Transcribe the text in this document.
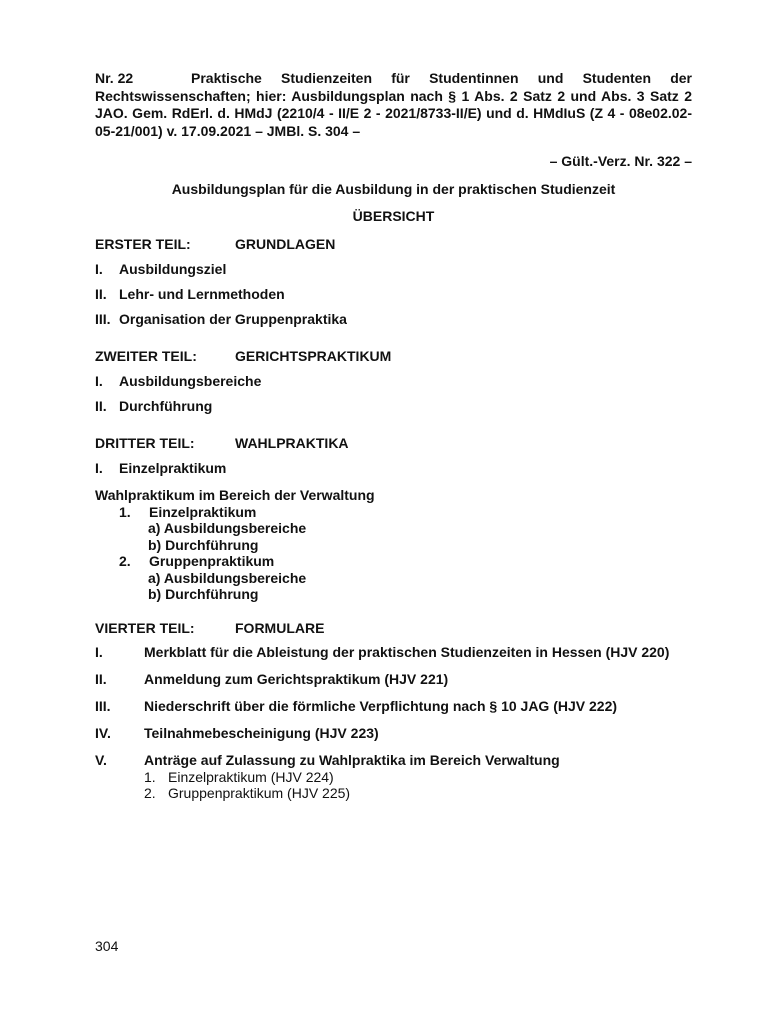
Nr. 22	Praktische Studienzeiten für Studentinnen und Studenten der Rechtswissenschaften; hier: Ausbildungsplan nach § 1 Abs. 2 Satz 2 und Abs. 3 Satz 2 JAO. Gem. RdErl. d. HMdJ (2210/4 - II/E 2 - 2021/8733-II/E) und d. HMdIuS (Z 4 - 08e02.02-05-21/001) v. 17.09.2021 – JMBl. S. 304 –
– Gült.-Verz. Nr. 322 –
Ausbildungsplan für die Ausbildung in der praktischen Studienzeit
ÜBERSICHT
ERSTER TEIL:	GRUNDLAGEN
I.	Ausbildungsziel
II. Lehr- und Lernmethoden
III. Organisation der Gruppenpraktika
ZWEITER TEIL:	GERICHTSPRAKTIKUM
I.	Ausbildungsbereiche
II. Durchführung
DRITTER TEIL:	WAHLPRAKTIKA
I.	Einzelpraktikum
Wahlpraktikum im Bereich der Verwaltung
1. Einzelpraktikum
a) Ausbildungsbereiche
b) Durchführung
2. Gruppenpraktikum
a) Ausbildungsbereiche
b) Durchführung
VIERTER TEIL:	FORMULARE
I.	Merkblatt für die Ableistung der praktischen Studienzeiten in Hessen (HJV 220)
II.	Anmeldung zum Gerichtspraktikum (HJV 221)
III.	Niederschrift über die förmliche Verpflichtung nach § 10 JAG (HJV 222)
IV.	Teilnahmebescheinigung (HJV 223)
V.	Anträge auf Zulassung zu Wahlpraktika im Bereich Verwaltung
1. Einzelpraktikum (HJV 224)
2. Gruppenpraktikum (HJV 225)
304
